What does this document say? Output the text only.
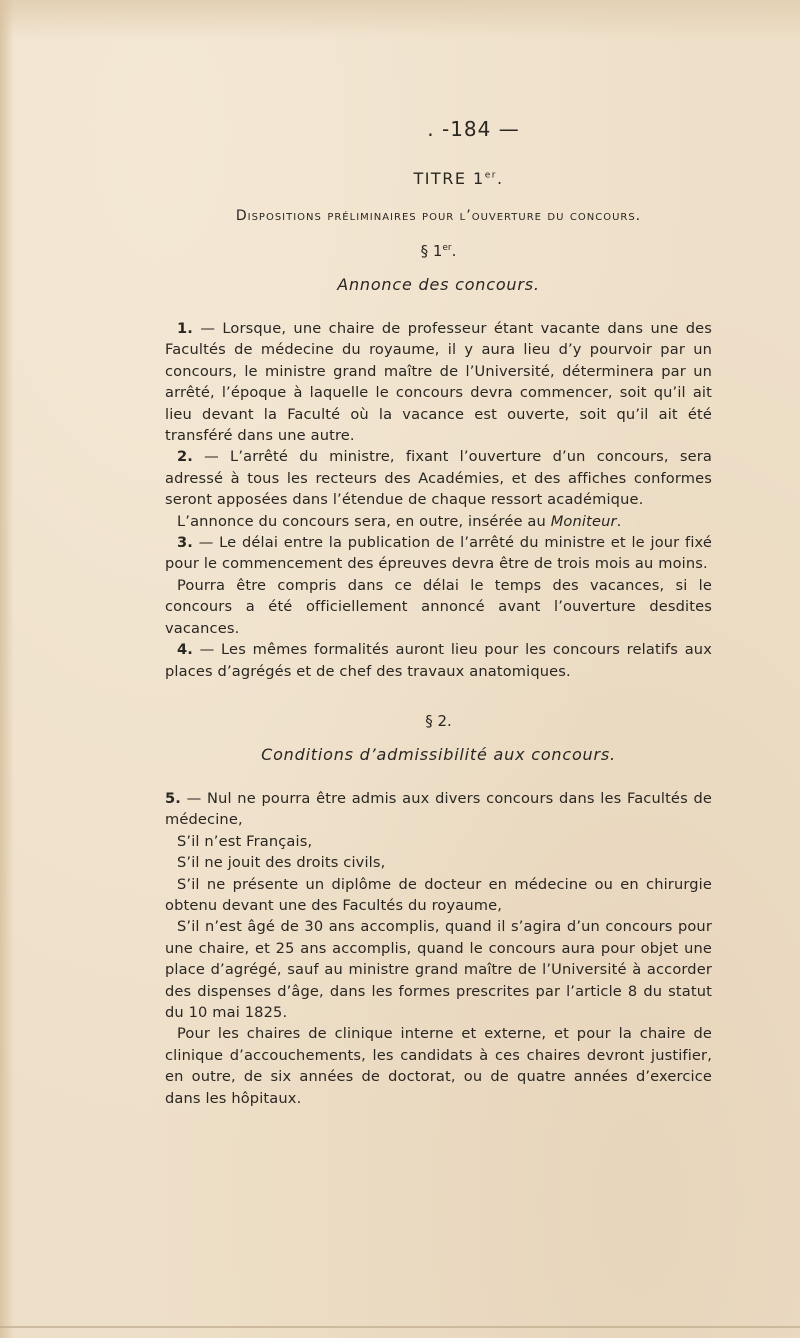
. -184 —
TITRE 1er.
Dispositions préliminaires pour l’ouverture du concours.
§ 1er.
Annonce des concours.

1. — Lorsque, une chaire de professeur étant vacante dans une des Facultés de médecine du royaume, il y aura lieu d’y pourvoir par un concours, le ministre grand maître de l’Université, déterminera par un arrêté, l’époque à laquelle le concours devra commencer, soit qu’il ait lieu devant la Faculté où la vacance est ouverte, soit qu’il ait été transféré dans une autre.

2. — L’arrêté du ministre, fixant l’ouverture d’un concours, sera adressé à tous les recteurs des Académies, et des affiches conformes seront apposées dans l’étendue de chaque ressort académique.

L’annonce du concours sera, en outre, insérée au Moniteur.

3. — Le délai entre la publication de l’arrêté du ministre et le jour fixé pour le commencement des épreuves devra être de trois mois au moins.

Pourra être compris dans ce délai le temps des vacances, si le concours a été officiellement annoncé avant l’ouverture desdites vacances.

4. — Les mêmes formalités auront lieu pour les concours relatifs aux places d’agrégés et de chef des travaux anatomiques.

§ 2.
Conditions d’admissibilité aux concours.

5. — Nul ne pourra être admis aux divers concours dans les Facultés de médecine,

S’il n’est Français,

S’il ne jouit des droits civils,

S’il ne présente un diplôme de docteur en médecine ou en chirurgie obtenu devant une des Facultés du royaume,

S’il n’est âgé de 30 ans accomplis, quand il s’agira d’un concours pour une chaire, et 25 ans accomplis, quand le concours aura pour objet une place d’agrégé, sauf au ministre grand maître de l’Université à accorder des dispenses d’âge, dans les formes prescrites par l’article 8 du statut du 10 mai 1825.

Pour les chaires de clinique interne et externe, et pour la chaire de clinique d’accouchements, les candidats à ces chaires devront justifier, en outre, de six années de doctorat, ou de quatre années d’exercice dans les hôpitaux.
